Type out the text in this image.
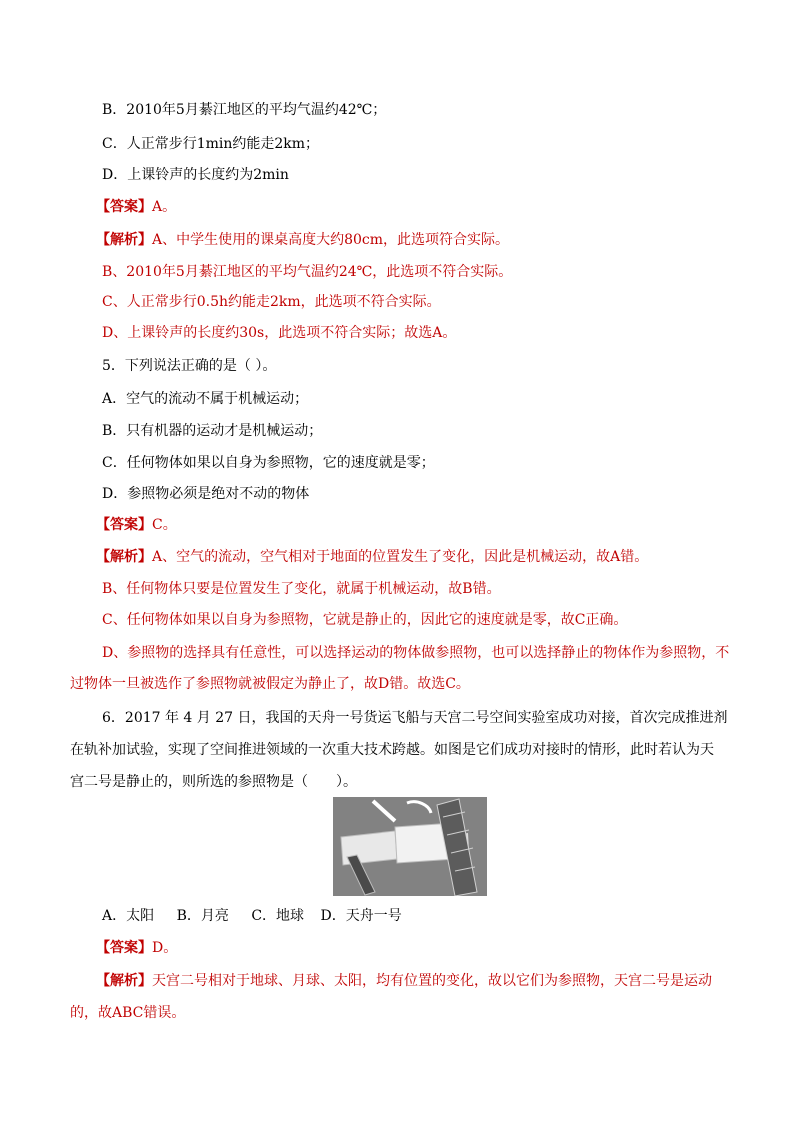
B．2010年5月綦江地区的平均气温约42℃；
C．人正常步行1min约能走2km；
D．上课铃声的长度约为2min
【答案】A。
【解析】A、中学生使用的课桌高度大约80cm，此选项符合实际。
B、2010年5月綦江地区的平均气温约24℃，此选项不符合实际。
C、人正常步行0.5h约能走2km，此选项不符合实际。
D、上课铃声的长度约30s，此选项不符合实际；故选A。
5．下列说法正确的是（ ）。
A．空气的流动不属于机械运动；
B．只有机器的运动才是机械运动；
C．任何物体如果以自身为参照物，它的速度就是零；
D．参照物必须是绝对不动的物体
【答案】C。
【解析】A、空气的流动，空气相对于地面的位置发生了变化，因此是机械运动，故A错。
B、任何物体只要是位置发生了变化，就属于机械运动，故B错。
C、任何物体如果以自身为参照物，它就是静止的，因此它的速度就是零，故C正确。
D、参照物的选择具有任意性，可以选择运动的物体做参照物，也可以选择静止的物体作为参照物，不
过物体一旦被选作了参照物就被假定为静止了，故D错。故选C。
6．2017 年 4 月 27 日，我国的天舟一号货运飞船与天宫二号空间实验室成功对接，首次完成推进剂
在轨补加试验，实现了空间推进领域的一次重大技术跨越。如图是它们成功对接时的情形，此时若认为天
宫二号是静止的，则所选的参照物是（　　）。
A．太阳 B．月亮 C．地球 D．天舟一号
【答案】D。
【解析】天宫二号相对于地球、月球、太阳，均有位置的变化，故以它们为参照物，天宫二号是运动
的，故ABC错误。
